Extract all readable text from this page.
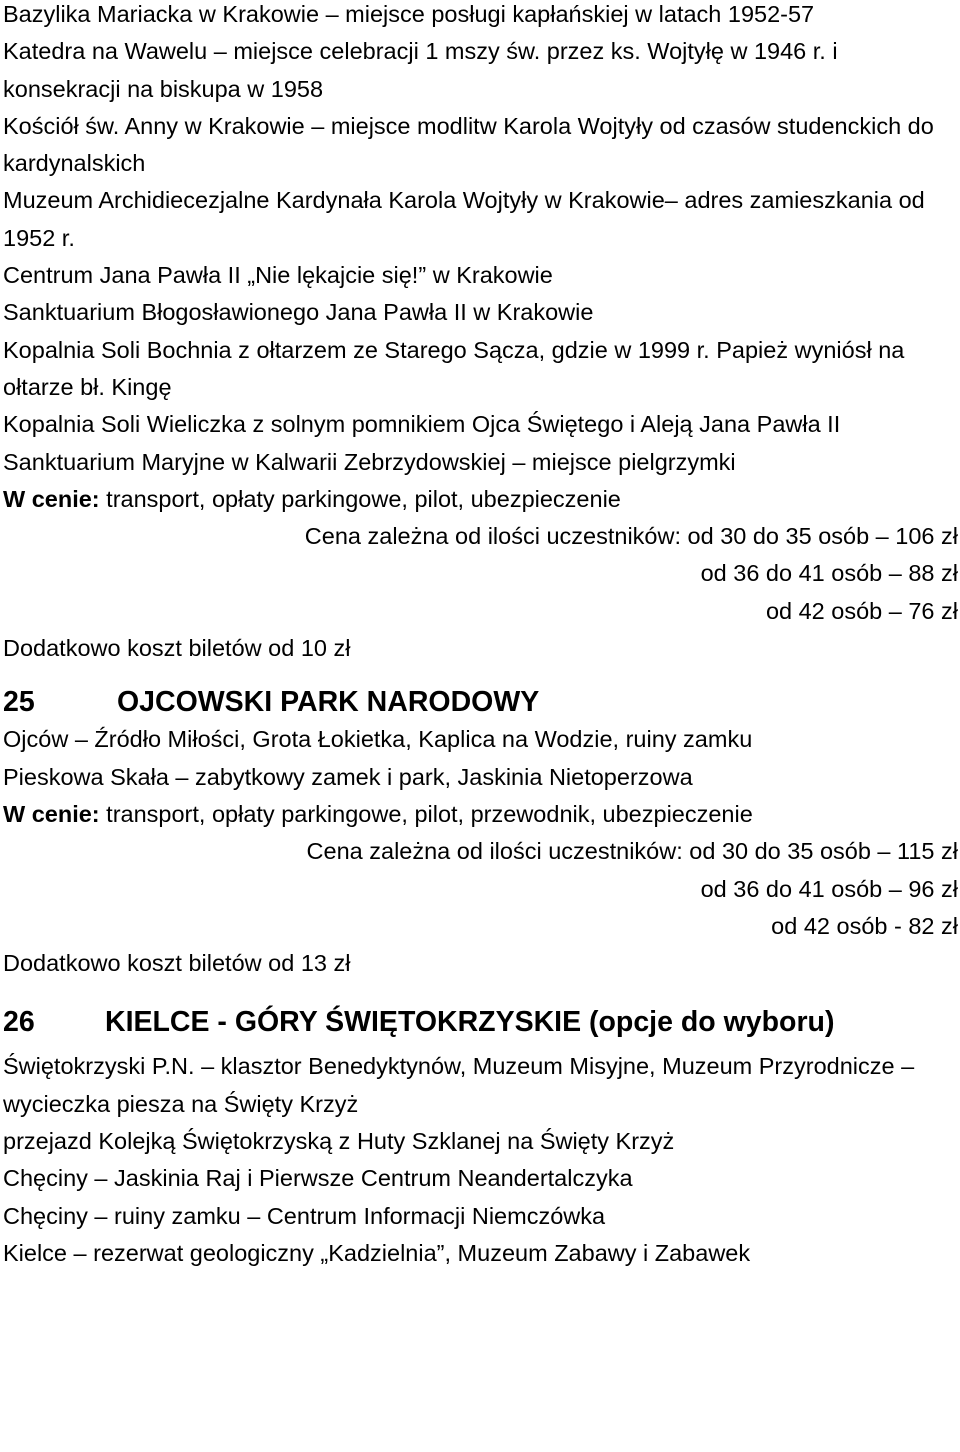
Bazylika Mariacka w Krakowie – miejsce posługi kapłańskiej w latach 1952-57

Katedra na Wawelu – miejsce celebracji 1 mszy św. przez ks. Wojtyłę w 1946 r. i konsekracji na biskupa w 1958

Kościół św. Anny w Krakowie – miejsce modlitw Karola Wojtyły od czasów studenckich do kardynalskich

Muzeum Archidiecezjalne Kardynała Karola Wojtyły w Krakowie– adres zamieszkania od 1952 r.

Centrum Jana Pawła II „Nie lękajcie się!” w Krakowie

Sanktuarium Błogosławionego Jana Pawła II w Krakowie

Kopalnia Soli Bochnia z ołtarzem ze Starego Sącza, gdzie w 1999 r. Papież wyniósł na ołtarze bł. Kingę

Kopalnia Soli Wieliczka z solnym pomnikiem Ojca Świętego i Aleją Jana Pawła II

Sanktuarium Maryjne w Kalwarii Zebrzydowskiej – miejsce pielgrzymki

W cenie: transport, opłaty parkingowe, pilot, ubezpieczenie

Cena zależna od ilości uczestników: od 30 do 35 osób – 106 zł

od 36 do 41 osób – 88 zł

od 42 osób – 76 zł

Dodatkowo koszt biletów od 10 zł

25	OJCOWSKI PARK NARODOWY

Ojców – Źródło Miłości, Grota Łokietka, Kaplica na Wodzie, ruiny zamku

Pieskowa Skała – zabytkowy zamek i park, Jaskinia Nietoperzowa

W cenie: transport, opłaty parkingowe, pilot, przewodnik, ubezpieczenie

Cena zależna od ilości uczestników: od 30 do 35 osób – 115 zł

od 36 do 41 osób – 96 zł

od 42 osób - 82 zł

Dodatkowo koszt biletów od 13 zł

26 KIELCE - GÓRY ŚWIĘTOKRZYSKIE (opcje do wyboru)

Świętokrzyski P.N. – klasztor Benedyktynów, Muzeum Misyjne, Muzeum Przyrodnicze – wycieczka piesza na Święty Krzyż

przejazd Kolejką Świętokrzyską z Huty Szklanej na Święty Krzyż

Chęciny – Jaskinia Raj i Pierwsze Centrum Neandertalczyka

Chęciny – ruiny zamku – Centrum Informacji Niemczówka

Kielce – rezerwat geologiczny „Kadzielnia”, Muzeum Zabawy i Zabawek
